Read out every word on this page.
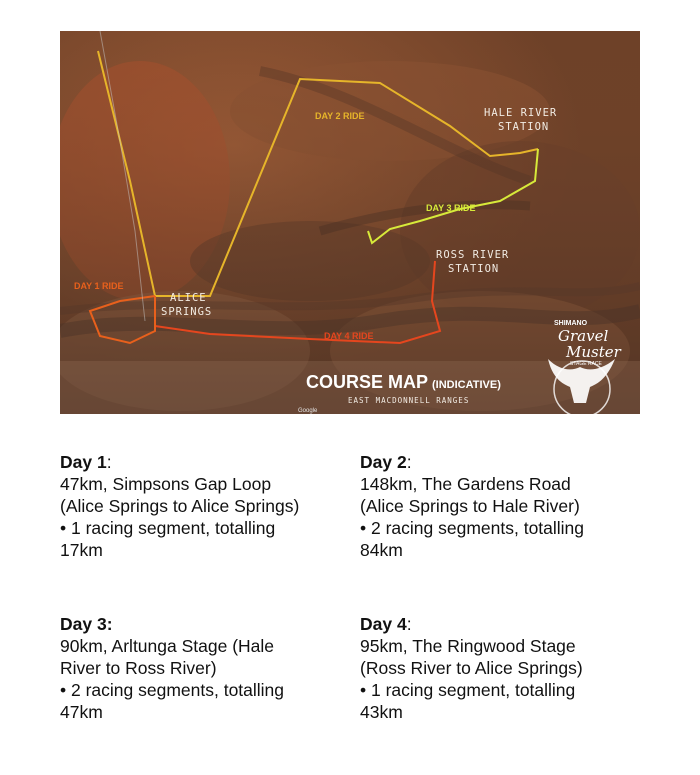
DAY 1 RIDE
DAY 2 RIDE
DAY 3 RIDE
DAY 4 RIDE
ALICE
SPRINGS
HALE RIVER
STATION
ROSS RIVER
STATION
COURSE MAP (INDICATIVE)
EAST MACDONNELL RANGES
Google
SHIMANO
Gravel
Muster
STAGE RACE

Day 1:

47km, Simpsons Gap Loop

(Alice Springs to Alice Springs)

• 1 racing segment, totalling

17km

Day 2:

148km, The Gardens Road

(Alice Springs to Hale River)

• 2 racing segments, totalling

84km

Day 3:

90km, Arltunga Stage (Hale

River to Ross River)

• 2 racing segments, totalling

47km

Day 4:

95km, The Ringwood Stage

(Ross River to Alice Springs)

• 1 racing segment, totalling

43km
